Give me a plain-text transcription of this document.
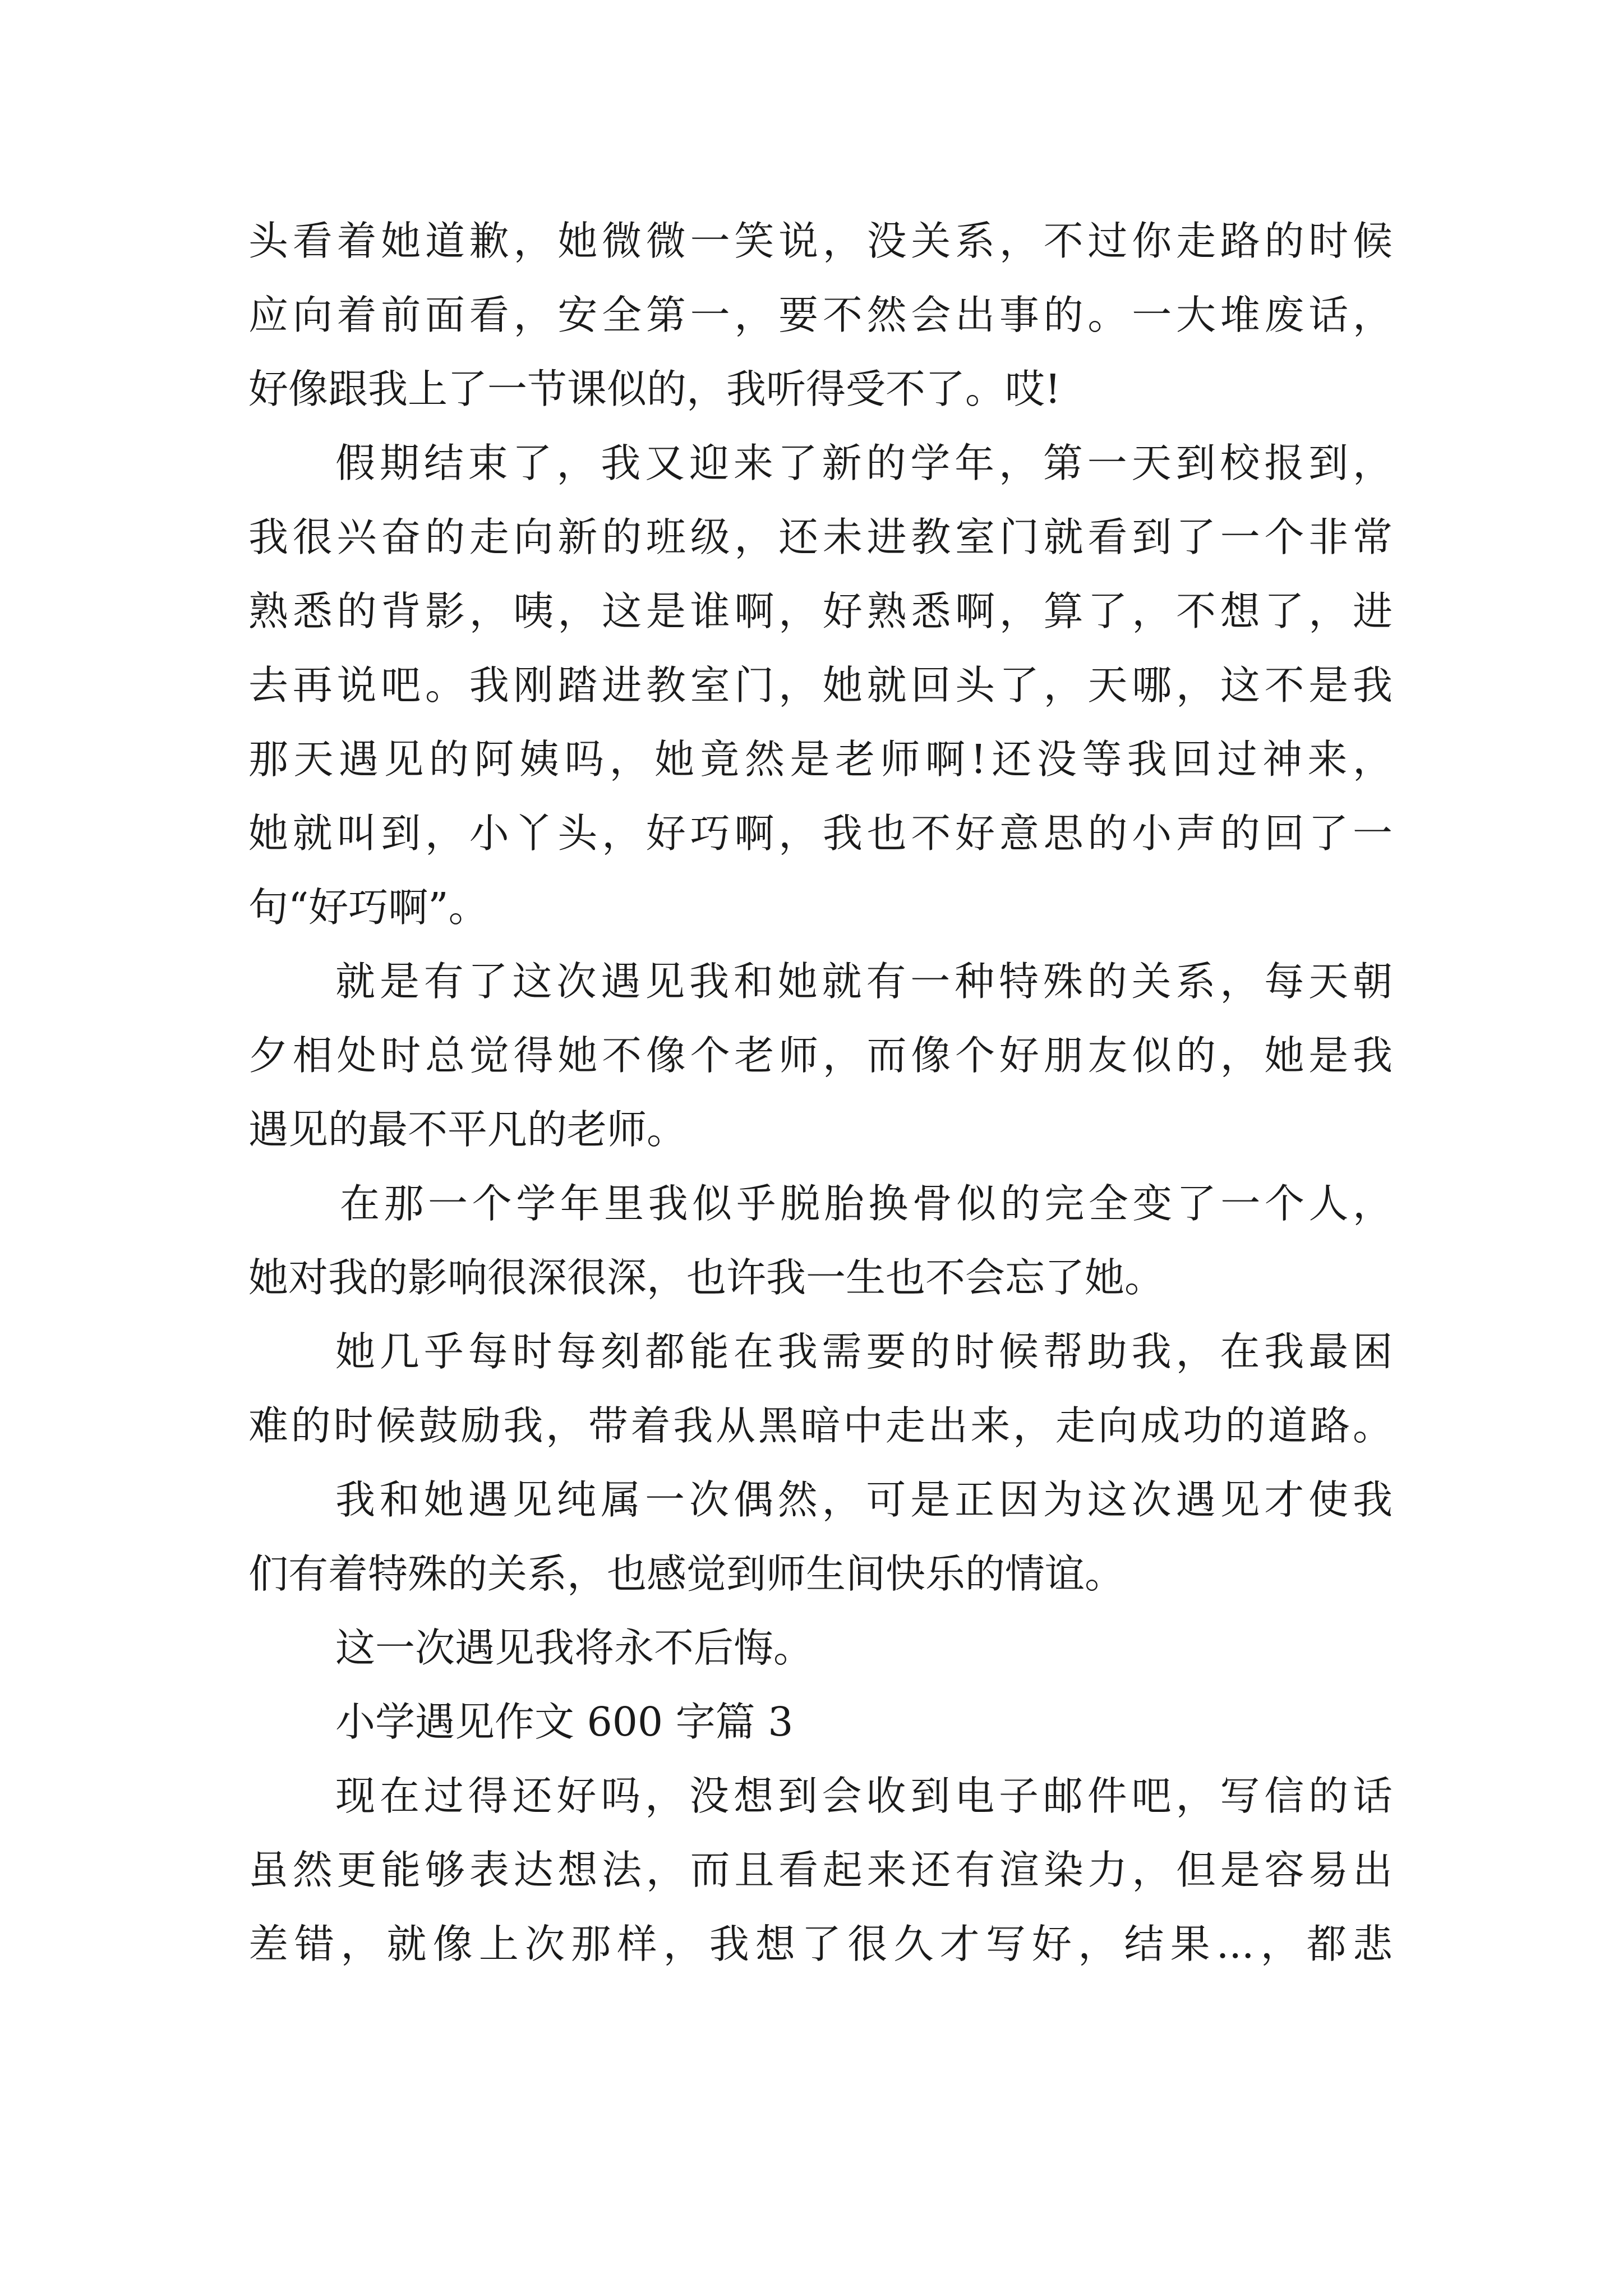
头看着她道歉，她微微一笑说，没关系，不过你走路的时候

应向着前面看，安全第一，要不然会出事的。一大堆废话，

好像跟我上了一节课似的，我听得受不了。哎!

假期结束了，我又迎来了新的学年，第一天到校报到，

我很兴奋的走向新的班级，还未进教室门就看到了一个非常

熟悉的背影，咦，这是谁啊，好熟悉啊，算了，不想了，进

去再说吧。我刚踏进教室门，她就回头了，天哪，这不是我

那天遇见的阿姨吗，她竟然是老师啊!还没等我回过神来，

她就叫到，小丫头，好巧啊，我也不好意思的小声的回了一

句“好巧啊”。

就是有了这次遇见我和她就有一种特殊的关系，每天朝

夕相处时总觉得她不像个老师，而像个好朋友似的，她是我

遇见的最不平凡的老师。

在那一个学年里我似乎脱胎换骨似的完全变了一个人，

她对我的影响很深很深，也许我一生也不会忘了她。

她几乎每时每刻都能在我需要的时候帮助我，在我最困

难的时候鼓励我，带着我从黑暗中走出来，走向成功的道路。

我和她遇见纯属一次偶然，可是正因为这次遇见才使我

们有着特殊的关系，也感觉到师生间快乐的情谊。

这一次遇见我将永不后悔。

小学遇见作文 600 字篇 3

现在过得还好吗，没想到会收到电子邮件吧，写信的话

虽然更能够表达想法，而且看起来还有渲染力，但是容易出

差错，就像上次那样，我想了很久才写好，结果...，都悲
